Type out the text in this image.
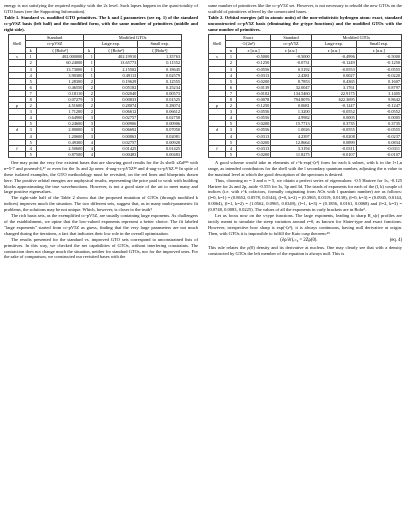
energy is not satisfying the required equality with the 2s level. Such lapses happen in the quasi-totality of GTO bases (see the Supporting Information).

Table 1. Standard vs. modified GTO primitives. The k and ζ parameters (see eq. 1) of the standard cc-pVSZ basis (left half) and the modified form, with the same number of primitives (middle and right side).
Shell	Standard		Modified GTOs		
	cc-pVSZ		Large exp.		Small exp.
	k	ζ [Bohr²]	k	ζ [Bohr²]	ζ [Bohr²]
s	1	402.000000	1	402.19910	1.35763
	2	60.24000	1	13.65773	0.11552
	3	13.73000	1	2.15502	0.18645
	4	3.90300	1	0.49113	0.02579
	5	1.28300	2	0.19629	0.12555
	6	0.46550	2	0.05182	0.25234
	7	0.18110	2	0.02040	0.00573
	8	0.07279	3	0.00833	0.01525
p	2	4.51600	2	0.28074	0.28074
	3	1.71200	2	0.06612	0.06612
	4	0.64900	3	0.02757	0.02758
	5	0.24600	3	0.00906	0.00906
d	3	2.80000	3	0.06692	0.07050
	4	1.20600	3	0.00863	0.02081
	5	0.49300	4	0.02757	0.00928
f	4	2.50600	4	0.01425	0.01425
	5	0.87500	4	0.00483	0.00483

One may point the very few existent bases that are showing good results for the 2s shell: sZaP²⁶ with n=5-7 and pcsemd-4,²⁷ or even for the 3s and 2p ones: d-aug-cc-pV5Z²⁸ and d-aug-cc-pV6Z.²⁸ In spite of these isolated examples, the GTO methodology must be revisited, on the red lines and blueprints drawn here. The positive orbital energies are unphysical results, representing the price paid to work with building blocks approximating the true wavefunctions. However, is not a good state of the art to meet many and large positive eigenvalues.

The right-side half of the Table 2 shows that the proposed mutation of GTOs (through modified k indices) improves much the situation. The two different sets, suggest that, as in many multi-parametric fit problems, the solutions may be not unique. Which, however, is closer to the truth?

The rich basis sets, as the exemplified cc-pV5Z, are usually containing large exponents. As challengers of the establishment, we opine that the low-valued exponents represent a better choice. The fit labeled "large exponents" started from cc-pV5Z as guess, finding that the very large parameters are not much changed during the iterations, a fact that indicates their low role in the overall optimization.

The results presented for the standard vs. improved GTO sets correspond to unconstrained lists of primitives. In this way, we checked the net capabilities of GTOs, without interfering constraints. The contraction does not change much the situation, neither for standard GTOs, nor for the improved ones. For the sake of comparison, we constructed our revisited bases with the

same number of primitives like the cc-pV5Z set. However, is not necessary to rebuild the new GTOs on the scaffold of primitives offered by the consecrated bases.

Table 2. Orbital energies (all in atomic units) of the non-relativistic hydrogen atom: exact, standard unconstructed cc-pV5Z basis (eliminating the g-type functions) and the modified GTOs with the same number of primitives.
Shell	Exact		Standard	Modified GTOs	
	-1/(2n²)		cc-pV5Z	Large exp.	Small exp.
	n	ε [a.u.]	ε [a.u.]	ε [a.u.]	ε [a.u.]
s	1	-0.5000	-0.5000	-0.4996	-0.5000
	2	-0.1250	-0.0731	-0.1249	-0.1250
	3	-0.0556	0.5192	-0.0553	-0.0555
	4	-0.0313	2.4381	0.0027	-0.0220
	5	-0.0200	8.7853	0.4365	0.1607
	6	-0.0139	32.0047	3.1761	0.8797
	7	-0.0102	134.5460	22.9175	3.1405
	8	-0.0078	794.8076	622.3695	9.8642
p	2	-0.1250	0.0681	-0.1247	-0.1247
	3	-0.0556	1.3200	-0.0552	-0.0552
	4	-0.0556	4.9982	0.0005	0.0005
	5	-0.0200	15.7713	0.3735	0.3735
d	3	-0.0556	1.0026	-0.0555	-0.0555
	4	-0.0313	4.2397	-0.0208	-0.0237
	5	-0.0200	12.8664	0.0899	0.0834
f	4	-0.0313	3.3194	-0.0311	-0.0311
	5	-0.0200	11.8275	-0.0107	-0.0107

A good scheme would take m elements of r^k·exp(-ζr²) form for each k subset, with k in the l+1,n range, as intended contributors for the shell with the l secondary quantum number, adjusting the n value to the maximal level at which the good description of the spectrum is desired.

Thus, choosing m = 3 and n = 5, we obtain a perfect series of eigenvalues: -0.5 Hartree for 1s, -0.125 Hartree for 2s and 2p, aside -0.555 for 3s, 3p and 3d. The triads of exponents for each of the (l, k) couple of indices (i.e. with r^k cofactors, formally originating from AOs with l quantum number) are as follows: (l=0, k=1) = (0.8652, 0.0578, 0.0144), (l=0, k=2) = (0.3965, 0.0319, 0.0138), (l=0, k=3) = (0.0945, 0.0144, 0.0064), (l=1, k=2) = (1.0562, 0.0965, 0.0349), (l=1, k=3) = (0.1856, 0.0161, 0.0068) and (l=2, k=3) = (0.0748, 0.0083, 0.0225). The values of all the exponents in curly brackets are in Bohr².

Let us focus now on the s-type functions. The large exponents, leading to sharp R_s(r) profiles are tacitly meant to simulate the steep variation around r=0, as known for Slater-type and exact functions. However, irrespective how sharp is exp(-ζr²), it is always continuous, having null derivative at origin. Then, with GTOs it is impossible to fulfill the Kato cusp theorem:²⁹

(∂ρ/∂r)ᵣ₌₀ = 2Zρ(0).	(eq. 4)

This rule relates the ρ(0) density and its derivative at nucleus. One may clearly see that with a density constructed by GTOs the left member of the equation is always null. This is
